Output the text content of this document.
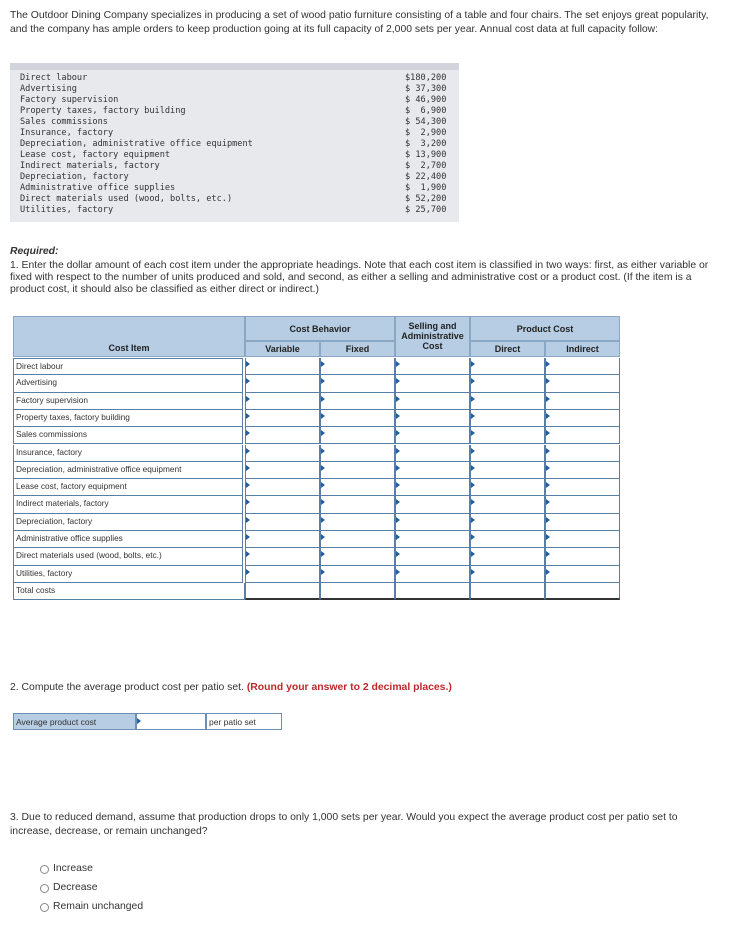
The Outdoor Dining Company specializes in producing a set of wood patio furniture consisting of a table and four chairs. The set enjoys great popularity, and the company has ample orders to keep production going at its full capacity of 2,000 sets per year. Annual cost data at full capacity follow:

Direct labour	$180,200
Advertising	$ 37,300
Factory supervision	$ 46,900
Property taxes, factory building	$  6,900
Sales commissions	$ 54,300
Insurance, factory	$  2,900
Depreciation, administrative office equipment	$  3,200
Lease cost, factory equipment	$ 13,900
Indirect materials, factory	$  2,700
Depreciation, factory	$ 22,400
Administrative office supplies	$  1,900
Direct materials used (wood, bolts, etc.)	$ 52,200
Utilities, factory	$ 25,700

Required:

1. Enter the dollar amount of each cost item under the appropriate headings. Note that each cost item is classified in two ways: first, as either variable or fixed with respect to the number of units produced and sold, and second, as either a selling and administrative cost or a product cost. (If the item is a product cost, it should also be classified as either direct or indirect.)

Cost Item
Cost Behavior
Variable	Fixed
Selling and Administrative Cost
Product Cost
Direct	Indirect
Direct labour
Advertising
Factory supervision
Property taxes, factory building
Sales commissions
Insurance, factory
Depreciation, administrative office equipment
Lease cost, factory equipment
Indirect materials, factory
Depreciation, factory
Administrative office supplies
Direct materials used (wood, bolts, etc.)
Utilities, factory
Total costs

2. Compute the average product cost per patio set. (Round your answer to 2 decimal places.)

Average product cost	per patio set

3. Due to reduced demand, assume that production drops to only 1,000 sets per year. Would you expect the average product cost per patio set to increase, decrease, or remain unchanged?

Increase
Decrease
Remain unchanged
